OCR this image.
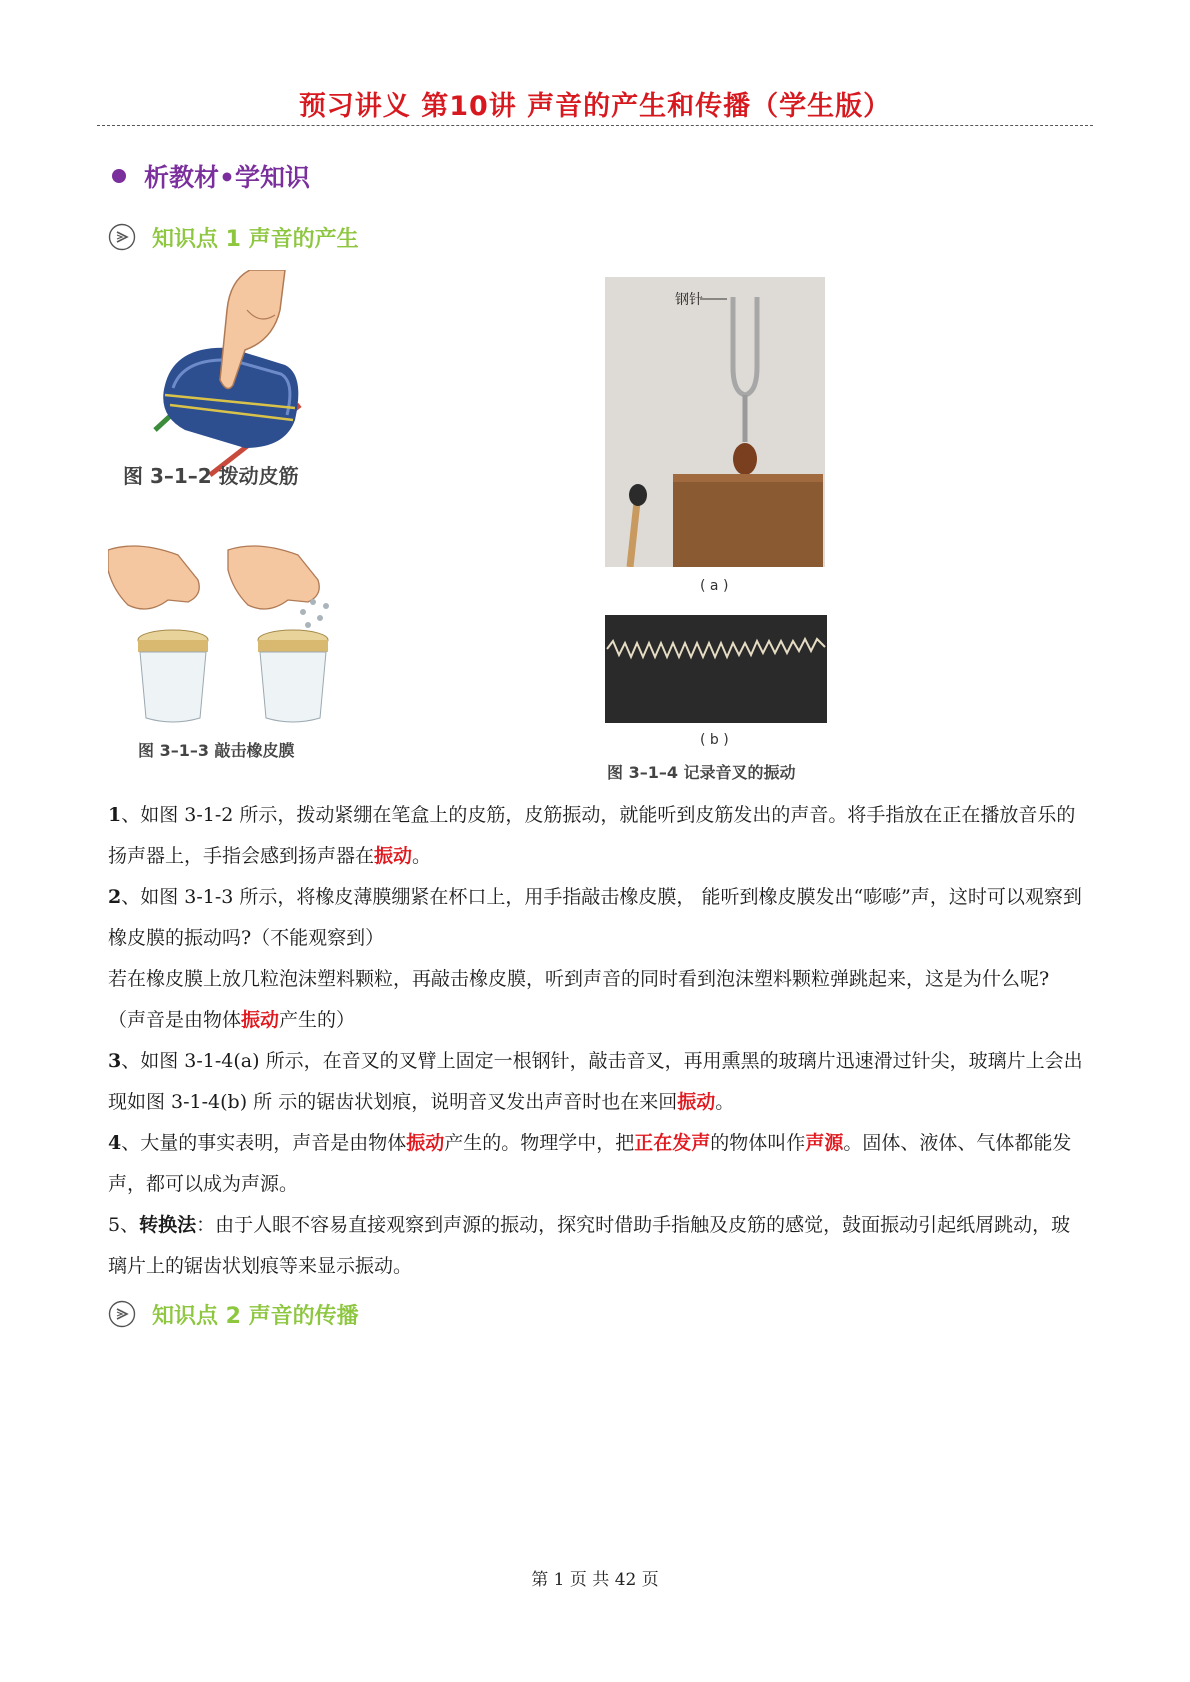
预习讲义 第10讲 声音的产生和传播（学生版）
析教材•学知识
知识点 1 声音的产生
图 3–1–2 拨动皮筋
图 3–1–3 敲击橡皮膜
钢针
( a )
( b )
图 3–1–4 记录音叉的振动
1、如图 3-1-2 所示，拨动紧绷在笔盒上的皮筋，皮筋振动，就能听到皮筋发出的声音。将手指放在正在播放音乐的扬声器上，手指会感到扬声器在振动。
2、如图 3-1-3 所示，将橡皮薄膜绷紧在杯口上，用手指敲击橡皮膜， 能听到橡皮膜发出“嘭嘭”声，这时可以观察到橡皮膜的振动吗?（不能观察到）
若在橡皮膜上放几粒泡沫塑料颗粒，再敲击橡皮膜，听到声音的同时看到泡沫塑料颗粒弹跳起来，这是为什么呢?（声音是由物体振动产生的）
3、如图 3-1-4(a) 所示，在音叉的叉臂上固定一根钢针，敲击音叉，再用熏黑的玻璃片迅速滑过针尖，玻璃片上会出现如图 3-1-4(b) 所 示的锯齿状划痕，说明音叉发出声音时也在来回振动。
4、大量的事实表明，声音是由物体振动产生的。物理学中，把正在发声的物体叫作声源。固体、液体、气体都能发声，都可以成为声源。
5、转换法：由于人眼不容易直接观察到声源的振动，探究时借助手指触及皮筋的感觉，鼓面振动引起纸屑跳动，玻璃片上的锯齿状划痕等来显示振动。
知识点 2 声音的传播
第 1 页 共 42 页
